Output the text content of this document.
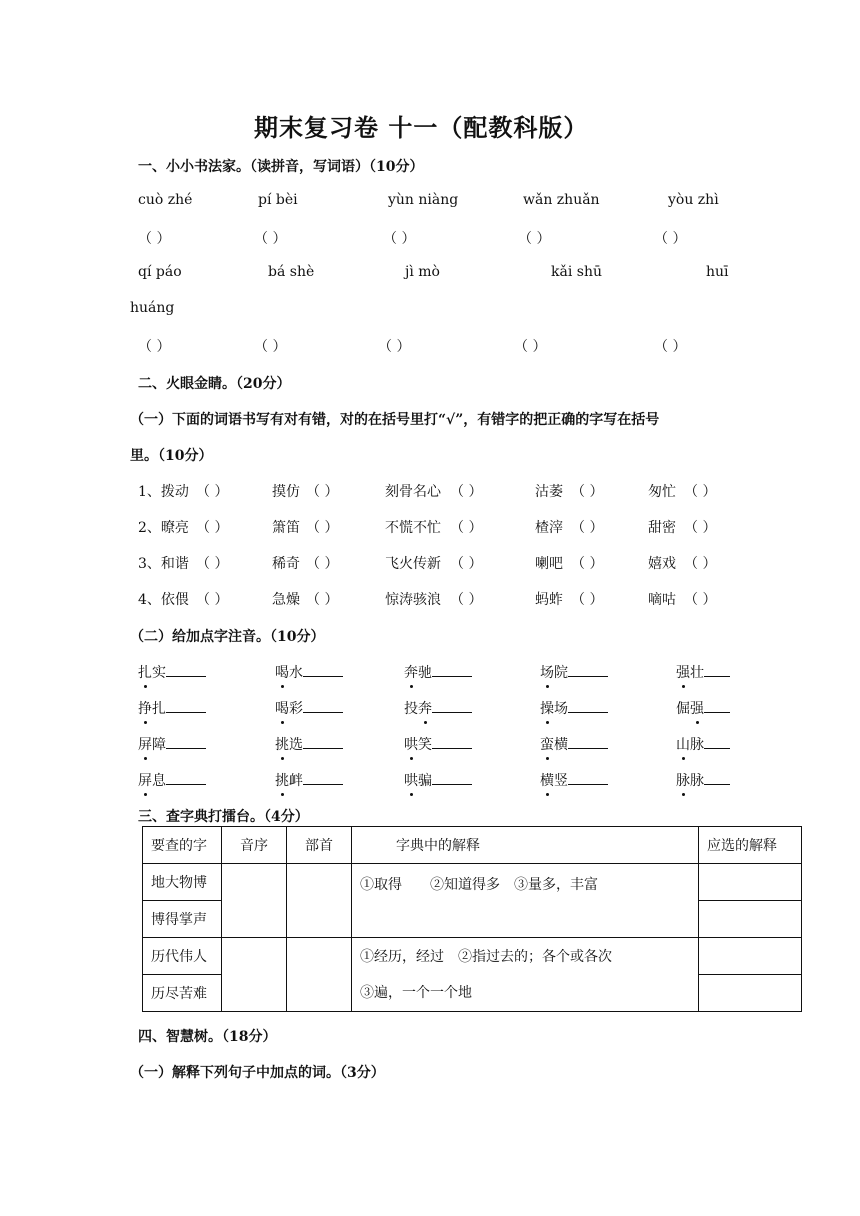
期末复习卷 十一（配教科版）
一、小小书法家。（读拼音，写词语）（10分）
cuò zhé	pí bèi	yùn niàng	wǎn zhuǎn	yòu zhì
（ ）	（ ）	（ ）	（ ）	（ ）
qí páo	bá shè	jì mò	kǎi shū	huī
huáng
（ ）	（ ）	（ ）	（ ）	（ ）
二、火眼金睛。（20分）
（一）下面的词语书写有对有错，对的在括号里打“√”，有错字的把正确的字写在括号
里。（10分）
1、拨动 （ ）	摸仿 （ ）	刻骨名心 （ ）	沽萎 （ ）	匆忙 （ ）
2、暸亮 （ ）	箫笛 （ ）	不慌不忙 （ ）	楂滓 （ ）	甜密 （ ）
3、和谐 （ ）	稀奇 （ ）	飞火传新 （ ）	喇吧 （ ）	嬉戏 （ ）
4、依偎 （ ）	急燥 （ ）	惊涛骇浪 （ ）	蚂蚱 （ ）	嘀咕 （ ）
（二）给加点字注音。（10分）
扎实	喝水	奔驰	场院	强壮
挣扎	喝彩	投奔	操场	倔强
屏障	挑选	哄笑	蛮横	山脉
屏息	挑衅	哄骗	横竖	脉脉
三、查字典打擂台。（4分）
要查的字	音序	部首	字典中的解释	应选的解释
地大物博			①取得　　②知道得多　③量多，丰富	
博得掌声				
历代伟人			①经历，经过　②指过去的；各个或各次
③遍，一个一个地	

历尽苦难				
四、智慧树。（18分）
（一）解释下列句子中加点的词。（3分）
